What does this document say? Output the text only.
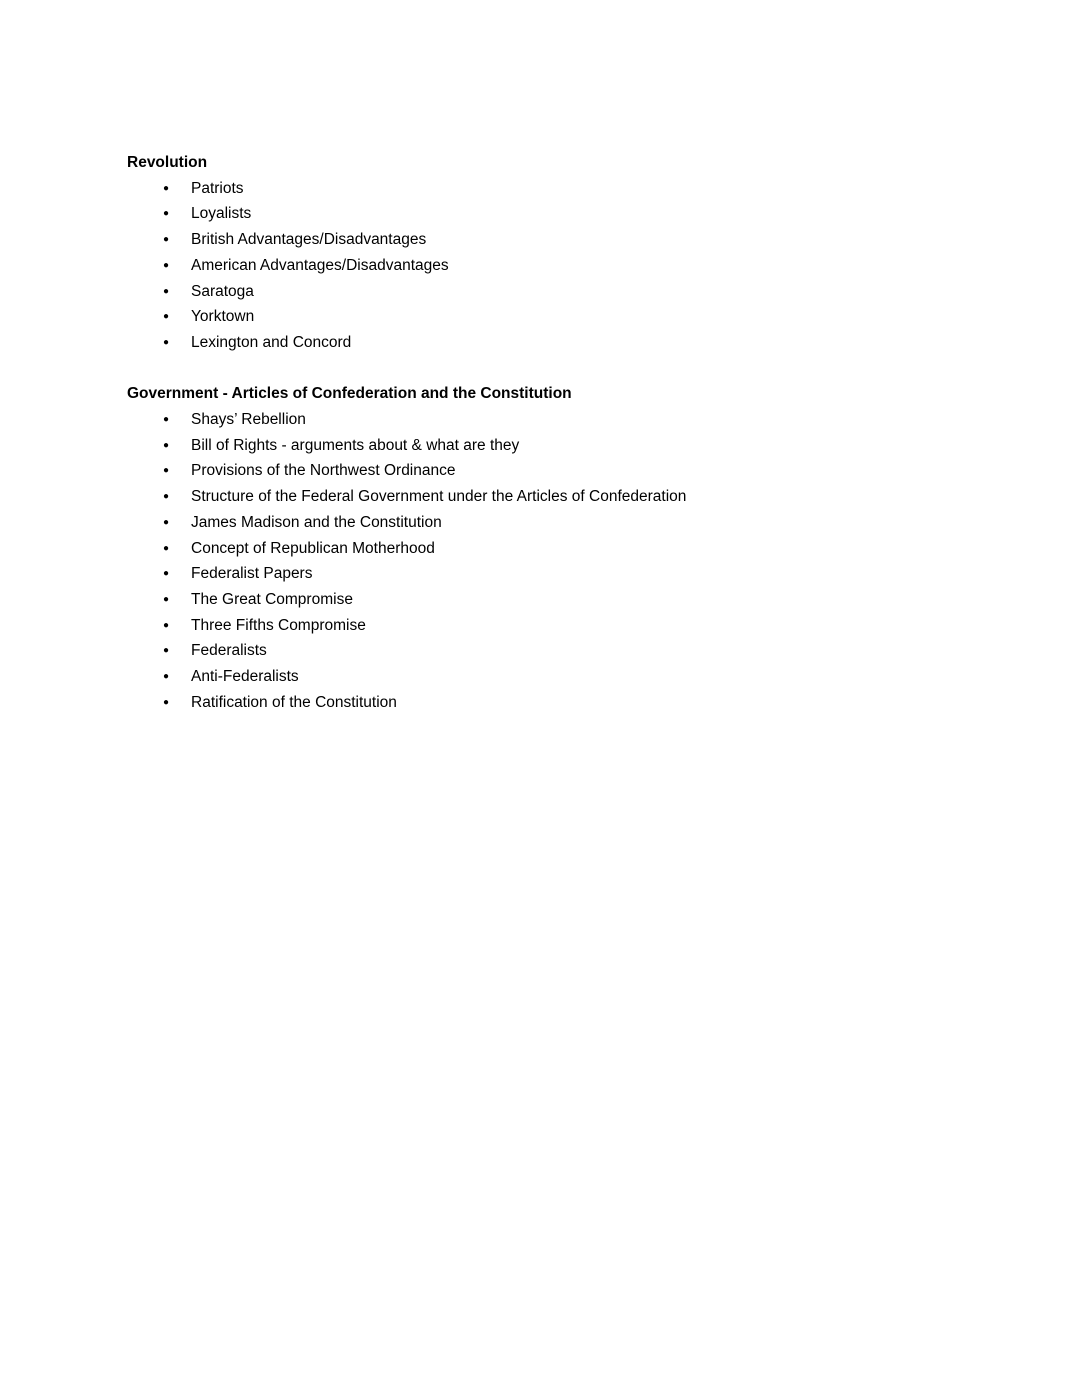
Revolution
● Patriots
● Loyalists
● British Advantages/Disadvantages
● American Advantages/Disadvantages
● Saratoga
● Yorktown
● Lexington and Concord
Government - Articles of Confederation and the Constitution
● Shays’ Rebellion
● Bill of Rights - arguments about & what are they
● Provisions of the Northwest Ordinance
● Structure of the Federal Government under the Articles of Confederation
● James Madison and the Constitution
● Concept of Republican Motherhood
● Federalist Papers
● The Great Compromise
● Three Fifths Compromise
● Federalists
● Anti-Federalists
● Ratification of the Constitution
